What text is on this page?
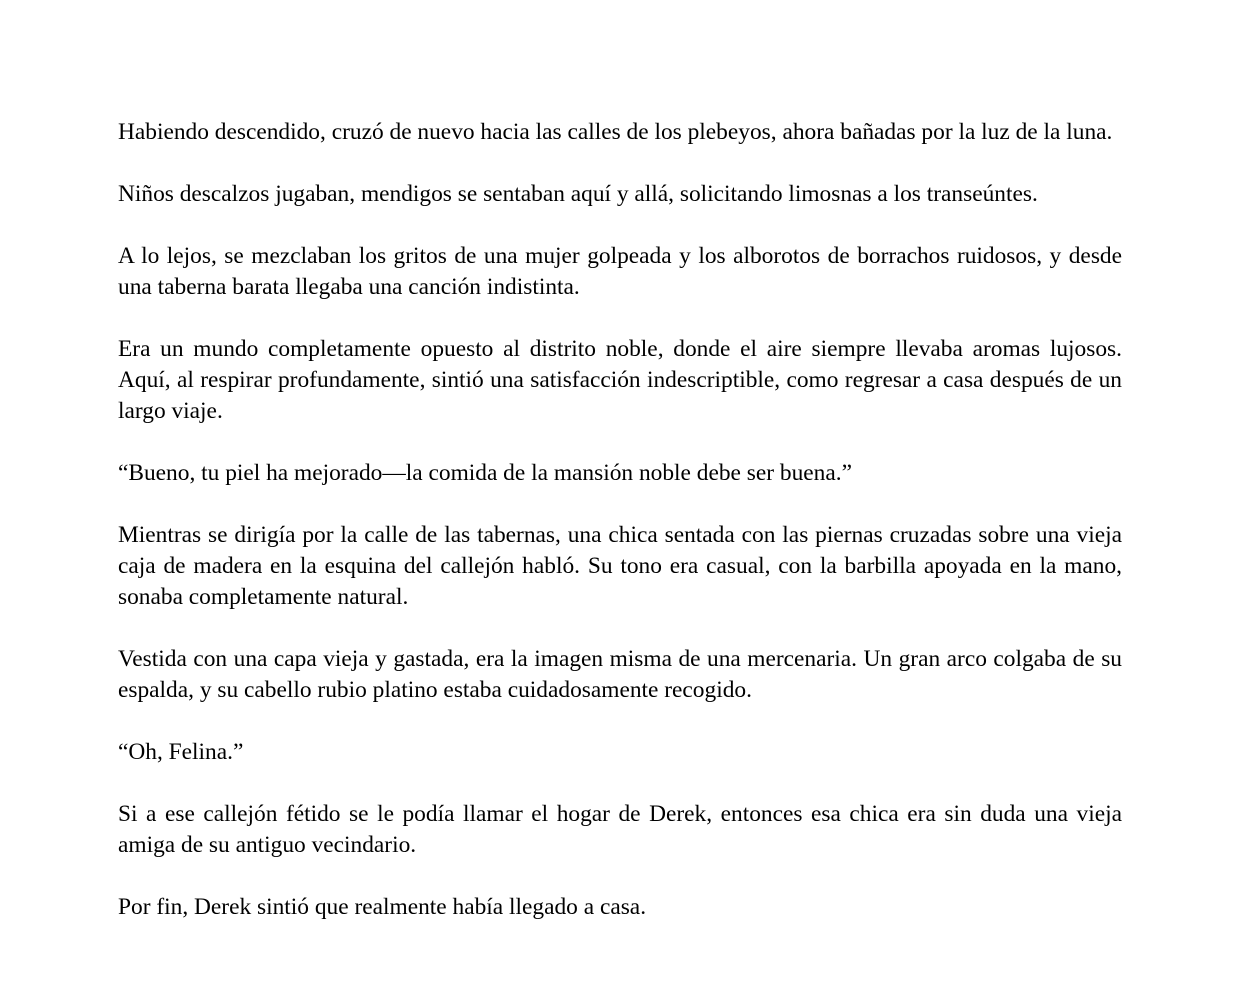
Habiendo descendido, cruzó de nuevo hacia las calles de los plebeyos, ahora bañadas por la luz de la luna.

Niños descalzos jugaban, mendigos se sentaban aquí y allá, solicitando limosnas a los transeúntes.

A lo lejos, se mezclaban los gritos de una mujer golpeada y los alborotos de borrachos ruidosos, y desde una taberna barata llegaba una canción indistinta.

Era un mundo completamente opuesto al distrito noble, donde el aire siempre llevaba aromas lujosos. Aquí, al respirar profundamente, sintió una satisfacción indescriptible, como regresar a casa después de un largo viaje.

“Bueno, tu piel ha mejorado—la comida de la mansión noble debe ser buena.”

Mientras se dirigía por la calle de las tabernas, una chica sentada con las piernas cruzadas sobre una vieja caja de madera en la esquina del callejón habló. Su tono era casual, con la barbilla apoyada en la mano, sonaba completamente natural.

Vestida con una capa vieja y gastada, era la imagen misma de una mercenaria. Un gran arco colgaba de su espalda, y su cabello rubio platino estaba cuidadosamente recogido.

“Oh, Felina.”

Si a ese callejón fétido se le podía llamar el hogar de Derek, entonces esa chica era sin duda una vieja amiga de su antiguo vecindario.

Por fin, Derek sintió que realmente había llegado a casa.
